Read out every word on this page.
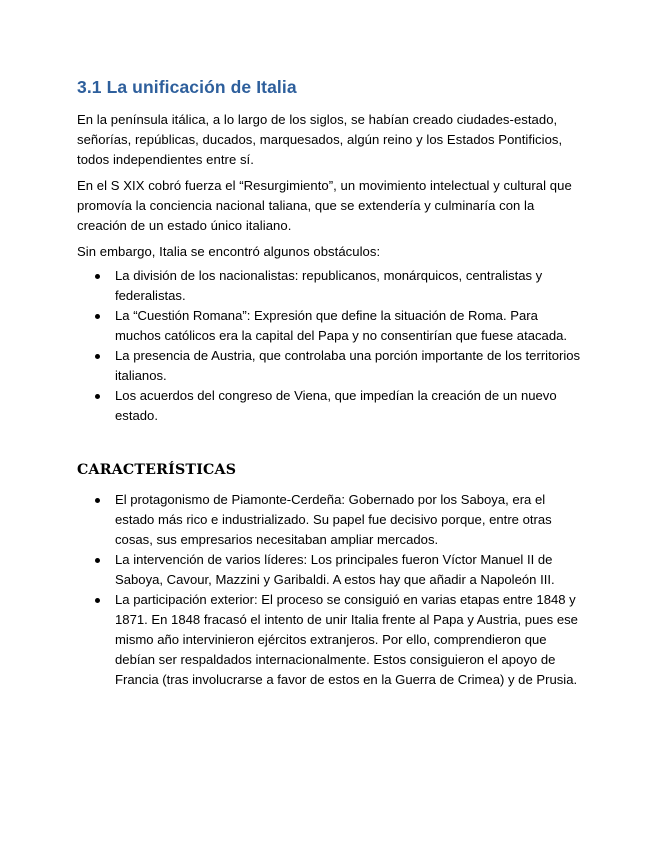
3.1 La unificación de Italia

En la península itálica, a lo largo de los siglos, se habían creado ciudades-estado, señorías, repúblicas, ducados, marquesados, algún reino y los Estados Pontificios, todos independientes entre sí.

En el S XIX cobró fuerza el “Resurgimiento”, un movimiento intelectual y cultural que promovía la conciencia nacional taliana, que se extendería y culminaría con la creación de un estado único italiano.

Sin embargo, Italia se encontró algunos obstáculos:

La división de los nacionalistas: republicanos, monárquicos, centralistas y federalistas.
La “Cuestión Romana”: Expresión que define la situación de Roma. Para muchos católicos era la capital del Papa y no consentirían que fuese atacada.
La presencia de Austria, que controlaba una porción importante de los territorios italianos.
Los acuerdos del congreso de Viena, que impedían la creación de un nuevo estado.
CARACTERÍSTICAS
El protagonismo de Piamonte-Cerdeña: Gobernado por los Saboya, era el estado más rico e industrializado. Su papel fue decisivo porque, entre otras cosas, sus empresarios necesitaban ampliar mercados.
La intervención de varios líderes: Los principales fueron Víctor Manuel II de Saboya, Cavour, Mazzini y Garibaldi. A estos hay que añadir a Napoleón III.
La participación exterior: El proceso se consiguió en varias etapas entre 1848 y 1871. En 1848 fracasó el intento de unir Italia frente al Papa y Austria, pues ese mismo año intervinieron ejércitos extranjeros. Por ello, comprendieron que debían ser respaldados internacionalmente. Estos consiguieron el apoyo de Francia (tras involucrarse a favor de estos en la Guerra de Crimea) y de Prusia.
